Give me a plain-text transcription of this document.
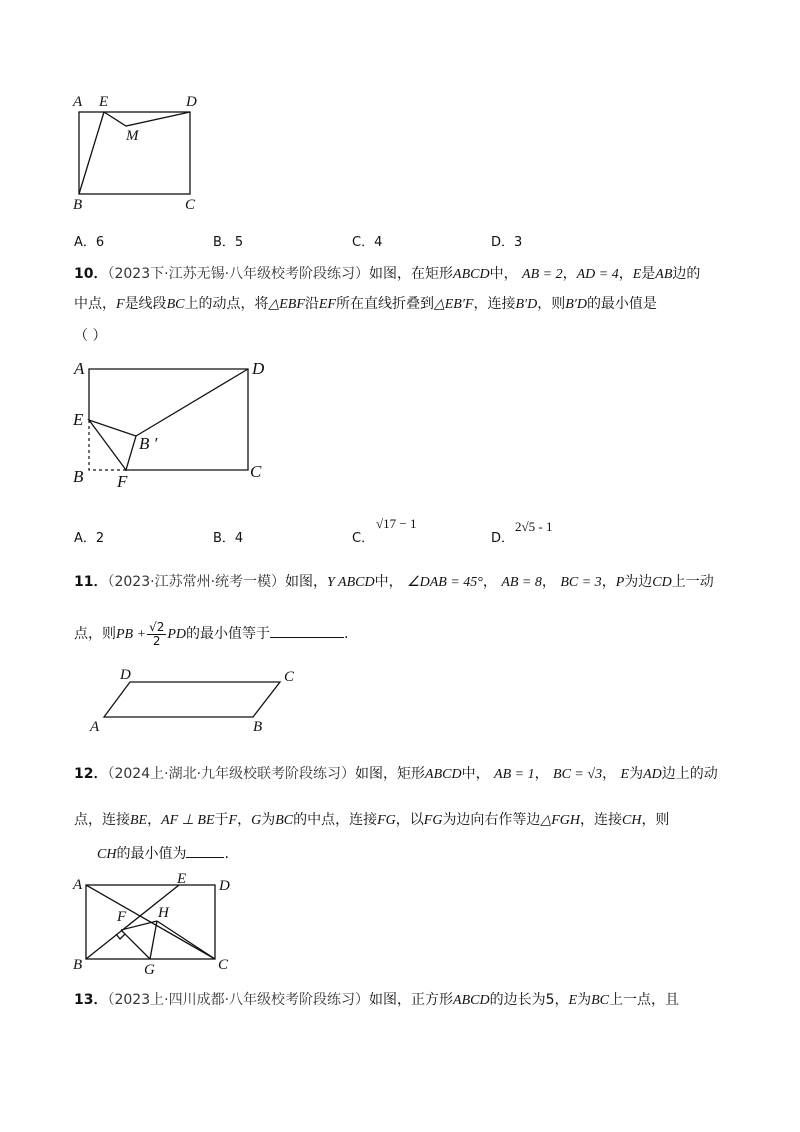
A E	D
M
B	C
A．6	B．5	C．4	D．3
10．（2023下·江苏无锡·八年级校考阶段练习）如图，在矩形ABCD中， AB = 2，AD = 4，E是AB边的
中点，F是线段BC上的动点，将△EBF沿EF所在直线折叠到△EB′F，连接B′D，则B′D的最小值是
（ ）
A	D
E
B ′
B F
C
A．2	B．4	C．
√17 − 1
D．
2√5 - 1
11．（2023·江苏常州·统考一模）如图，Y ABCD中， ∠DAB = 45°， AB = 8， BC = 3，P为边CD上一动
点，则PB + $\frac{√2}{2}$ PD的最小值等于	.
D	C
A	B
12．（2024上·湖北·九年级校联考阶段练习）如图，矩形ABCD中， AB = 1， BC = √3， E为AD边上的动
点，连接BE，AF ⊥ BE于F，G为BC的中点，连接FG，以FG为边向右作等边△FGH，连接CH，则
CH的最小值为	.
A	E D
F H
B	G	C
13．（2023上·四川成都·八年级校考阶段练习）如图，正方形ABCD的边长为5，E为BC上一点，且
